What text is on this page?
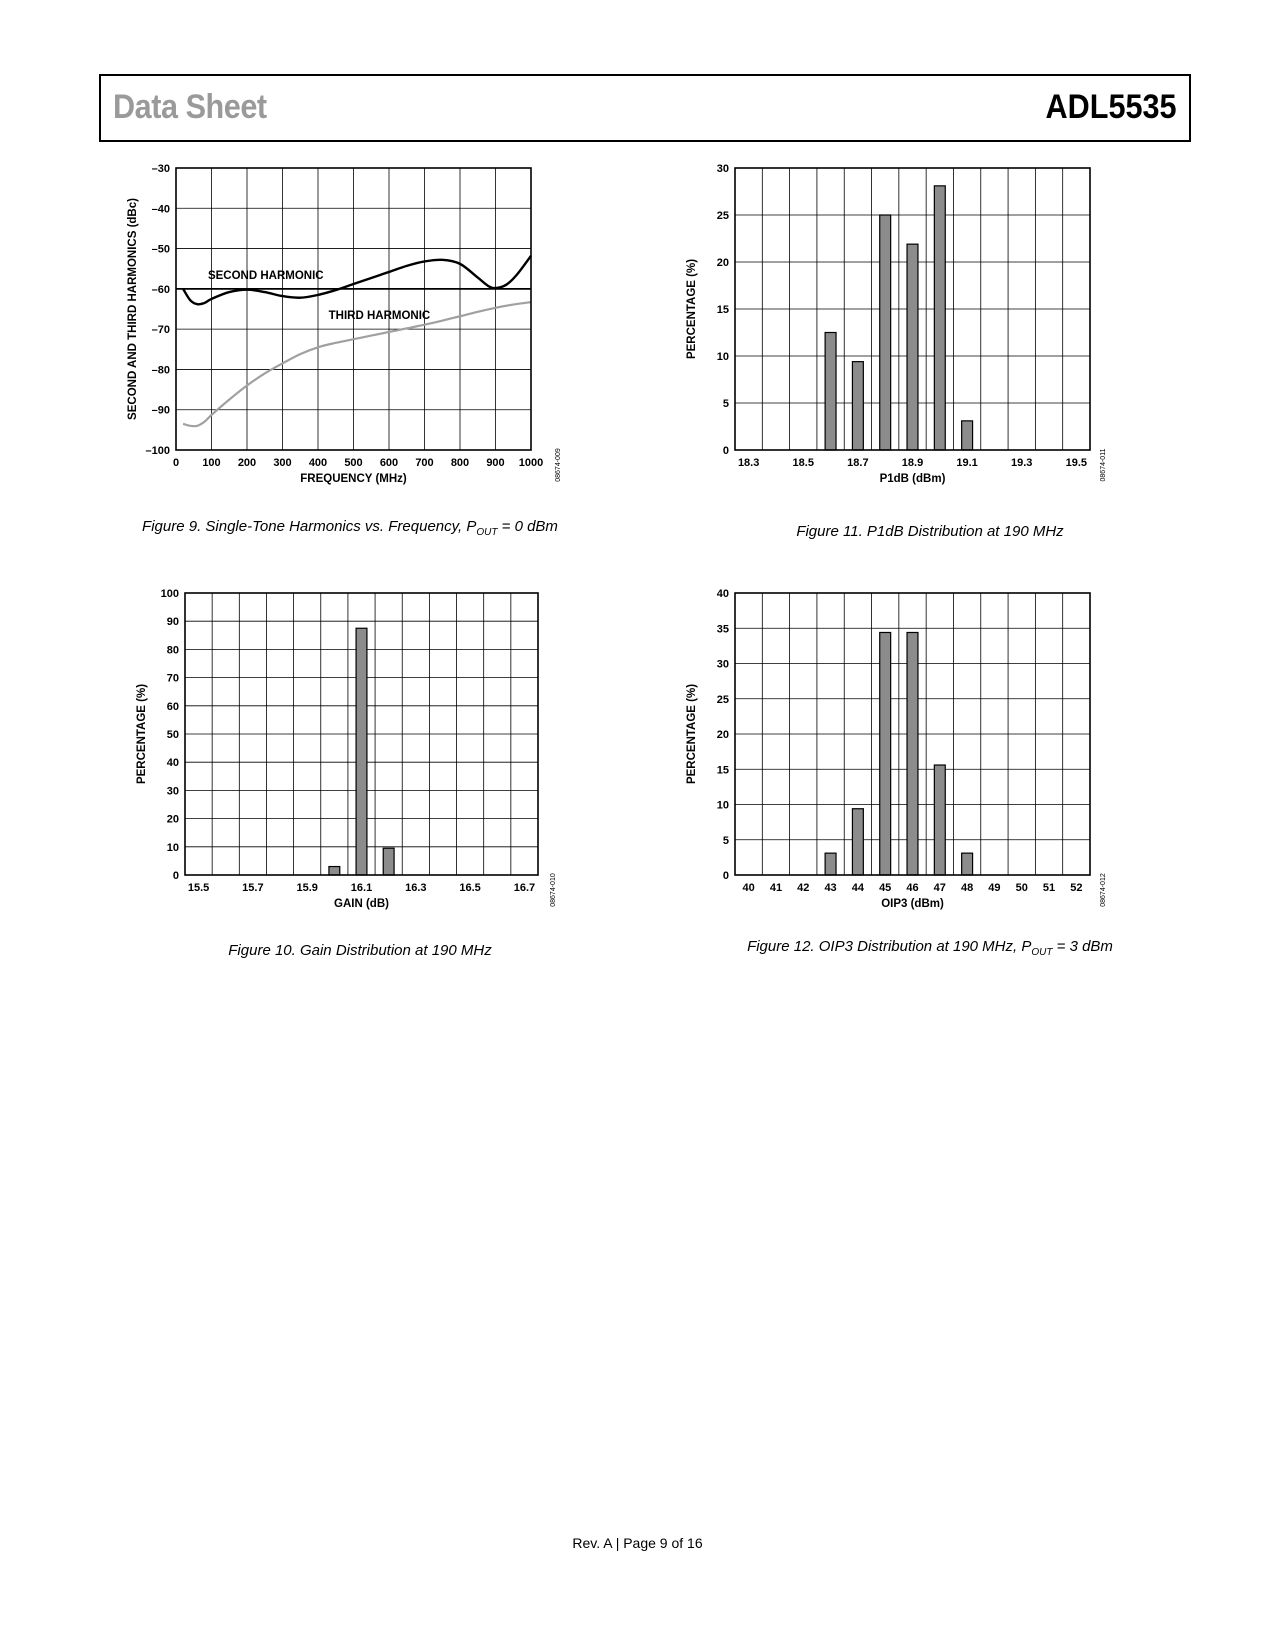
Data Sheet	ADL5535
–100
–90
–80
–70
–60
–50
–40
–30
0 100 200 300 400 500 600 700 800 900 1000
FREQUENCY (MHz)
SECOND AND THIRD HARMONICS (dBc)
08674-009
SECOND HARMONIC
THIRD HARMONIC
Figure 9. Single-Tone Harmonics vs. Frequency, $P_{OUT} = 0$ dBm
0
5
10
15
20
25
30
18.3	18.5	18.7	18.9	19.1	19.3	19.5
P1dB (dBm)
PERCENTAGE (%)
08674-011
Figure 11. P1dB Distribution at 190 MHz
0
10
20
30
40
50
60
70
80
90
100
15.5	15.7	15.9	16.1	16.3	16.5	16.7
GAIN (dB)
PERCENTAGE (%)
08674-010
Figure 10. Gain Distribution at 190 MHz
0
5
10
15
20
25
30
35
40
40 41 42 43 44 45 46 47 48 49 50 51 52
OIP3 (dBm)
PERCENTAGE (%)
08674-012
Figure 12. OIP3 Distribution at 190 MHz, $P_{OUT} = 3$ dBm
Rev. A | Page 9 of 16
